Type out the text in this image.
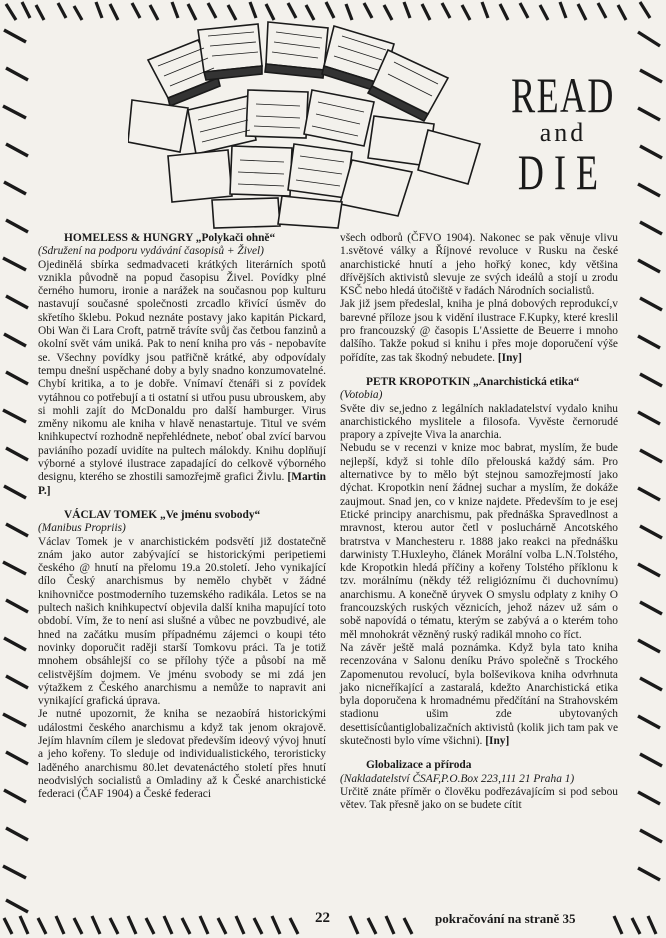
READ
and
DIE

HOMELESS & HUNGRY „Polykači ohně“

(Sdružení na podporu vydávání časopisů + Živel)

Ojedinělá sbírka sedmadvaceti krátkých literárních spotů vznikla původně na popud časopisu Živel. Povídky plné černého humoru, ironie a narážek na současnou pop kulturu nastavují současné společnosti zrcadlo křivící úsměv do skřetího šklebu. Pokud neznáte postavy jako kapitán Pickard, Obi Wan či Lara Croft, patrně trávíte svůj čas četbou fanzinů a okolní svět vám uniká. Pak to není kniha pro vás - nepobavíte se. Všechny povídky jsou patřičně krátké, aby odpovídaly tempu dnešní uspěchané doby a byly snadno konzumovatelné. Chybí kritika, a to je dobře. Vnímaví čtenáři si z povídek vytáhnou co potřebují a ti ostatní si utřou pusu ubrouskem, aby si mohli zajít do McDonaldu pro další hamburger. Virus změny nikomu ale kniha v hlavě nenastartuje. Titul ve svém knihkupectví rozhodně nepřehlédnete, neboť obal zvící barvou paviáního pozadí uvidíte na pultech málokdy. Knihu doplňují výborné a stylové ilustrace zapadající do celkově výborného designu, kterého se zhostili samozřejmě grafici Živlu. [Martin P.]

VÁCLAV TOMEK „Ve jménu svobody“

(Manibus Propriis)

Václav Tomek je v anarchistickém podsvětí již dostatečně znám jako autor zabývající se historickými peripetiemi českého @ hnutí na přelomu 19.a 20.století. Jeho vynikající dílo Český anarchismus by nemělo chybět v žádné knihovničce postmoderního tuzemského radikála. Letos se na pultech našich knihkupectví objevila další kniha mapující toto období. Vím, že to není asi slušné a vůbec ne povzbudivé, ale hned na začátku musím případnému zájemci o koupi této novinky doporučit raději starší Tomkovu práci. Ta je totiž mnohem obsáhlejší co se přílohy týče a působí na mě celistvějším dojmem. Ve jménu svobody se mi zdá jen výtažkem z Českého anarchismu a nemůže to napravit ani vynikající grafická úprava.

Je nutné upozornit, že kniha se nezaobírá historickými událostmi českého anarchismu a když tak jenom okrajově. Jejím hlavním cílem je sledovat především ideový vývoj hnutí a jeho kořeny. To sleduje od individualistického, teroristicky laděného anarchismu 80.let devatenáctého století přes hnutí neodvislých socialistů a Omladiny až k České anarchistické federaci (ČAF 1904) a České federaci

všech odborů (ČFVO 1904). Nakonec se pak věnuje vlivu 1.světové války a Říjnové revoluce v Rusku na české anarchistické hnutí a jeho hořký konec, kdy většina dřívějších aktivistů slevuje ze svých ideálů a stojí u zrodu KSČ nebo hledá útočiště v řadách Národních socialistů.

Jak již jsem předeslal, kniha je plná dobových reprodukcí,v barevné příloze jsou k vidění ilustrace F.Kupky, které kreslil pro francouzský @ časopis L'Assiette de Beuerre i mnoho dalšího. Takže pokud si knihu i přes moje doporučení výše pořídíte, zas tak škodný nebudete. [Iny]

PETR KROPOTKIN „Anarchistická etika“

(Votobia)

Světe div se,jedno z legálních nakladatelství vydalo knihu anarchistického myslitele a filosofa. Vyvěste černorudé prapory a zpívejte Viva la anarchia.

Nebudu se v recenzi v knize moc babrat, myslím, že bude nejlepší, když si tohle dílo přelouská každý sám. Pro alternativce by to mělo být stejnou samozřejmostí jako dýchat. Kropotkin není žádnej suchar a myslím, že dokáže zaujmout. Snad jen, co v knize najdete. Především to je esej Etické principy anarchismu, pak přednáška Spravedlnost a mravnost, kterou autor četl v posluchárně Ancotského bratrstva v Manchesteru r. 1888 jako reakci na přednášku darwinisty T.Huxleyho, článek Morální volba L.N.Tolstého, kde Kropotkin hledá příčiny a kořeny Tolstého příklonu k tzv. morálnímu (někdy též religióznímu či duchovnímu) anarchismu. A konečně úryvek O smyslu odplaty z knihy O francouzských ruských věznicích, jehož název už sám o sobě napovídá o tématu, kterým se zabývá a o kterém toho měl mnohokrát vězněný ruský radikál mnoho co říct.

Na závěr ještě malá poznámka. Když byla tato kniha recenzována v Salonu deníku Právo společně s Trockého Zapomenutou revolucí, byla bolševikova kniha odvrhnuta jako nicneříkající a zastaralá, kdežto Anarchistická etika byla doporučena k hromadnému předčítání na Strahovském stadionu ušim zde ubytovaných desettisícůantiglobalizačních aktivistů (kolik jich tam pak ve skutečnosti bylo víme všichni). [Iny]

Globalizace a příroda

(Nakladatelství ČSAF,P.O.Box 223,111 21 Praha 1)

Určitě znáte příměr o člověku podřezávajícím si pod sebou větev. Tak přesně jako on se budete cítit

22	pokračování na straně 35
